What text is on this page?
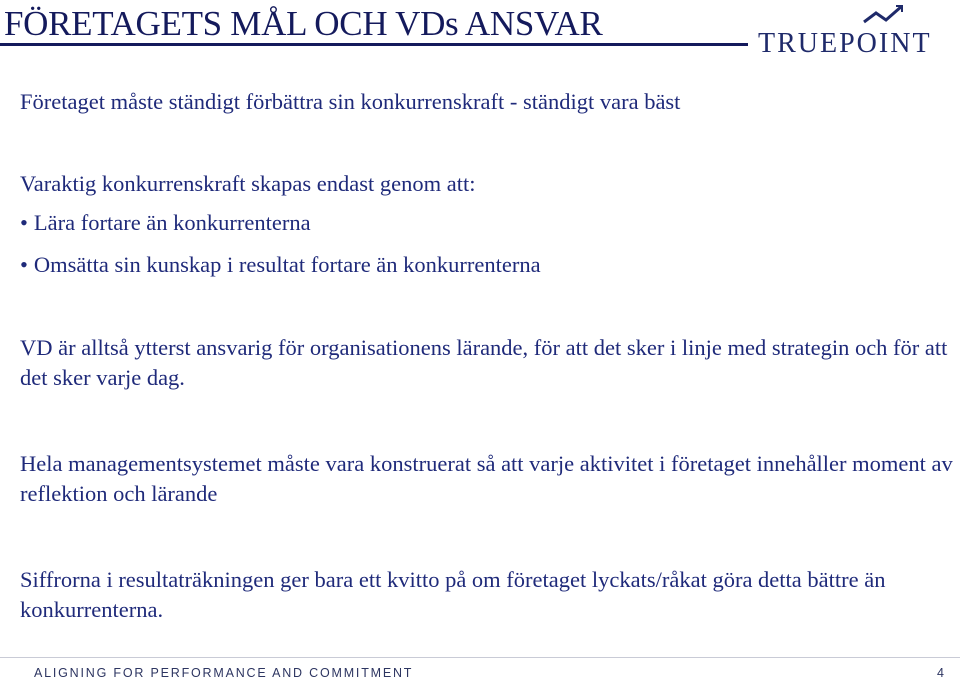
FÖRETAGETS MÅL OCH VDs ANSVAR
TRUEPOINT

Företaget måste ständigt förbättra sin konkurrenskraft - ständigt vara bäst

Varaktig konkurrenskraft skapas endast genom att:

• Lära fortare än konkurrenterna

• Omsätta sin kunskap i resultat fortare än konkurrenterna

VD är alltså ytterst ansvarig för organisationens lärande, för att det sker i linje med strategin och för att det sker varje dag.

Hela managementsystemet måste vara konstruerat så att varje aktivitet i företaget innehåller moment av reflektion och lärande

Siffrorna i resultaträkningen ger bara ett kvitto på om företaget lyckats/råkat göra detta bättre än konkurrenterna.

ALIGNING FOR PERFORMANCE AND COMMITMENT	4
